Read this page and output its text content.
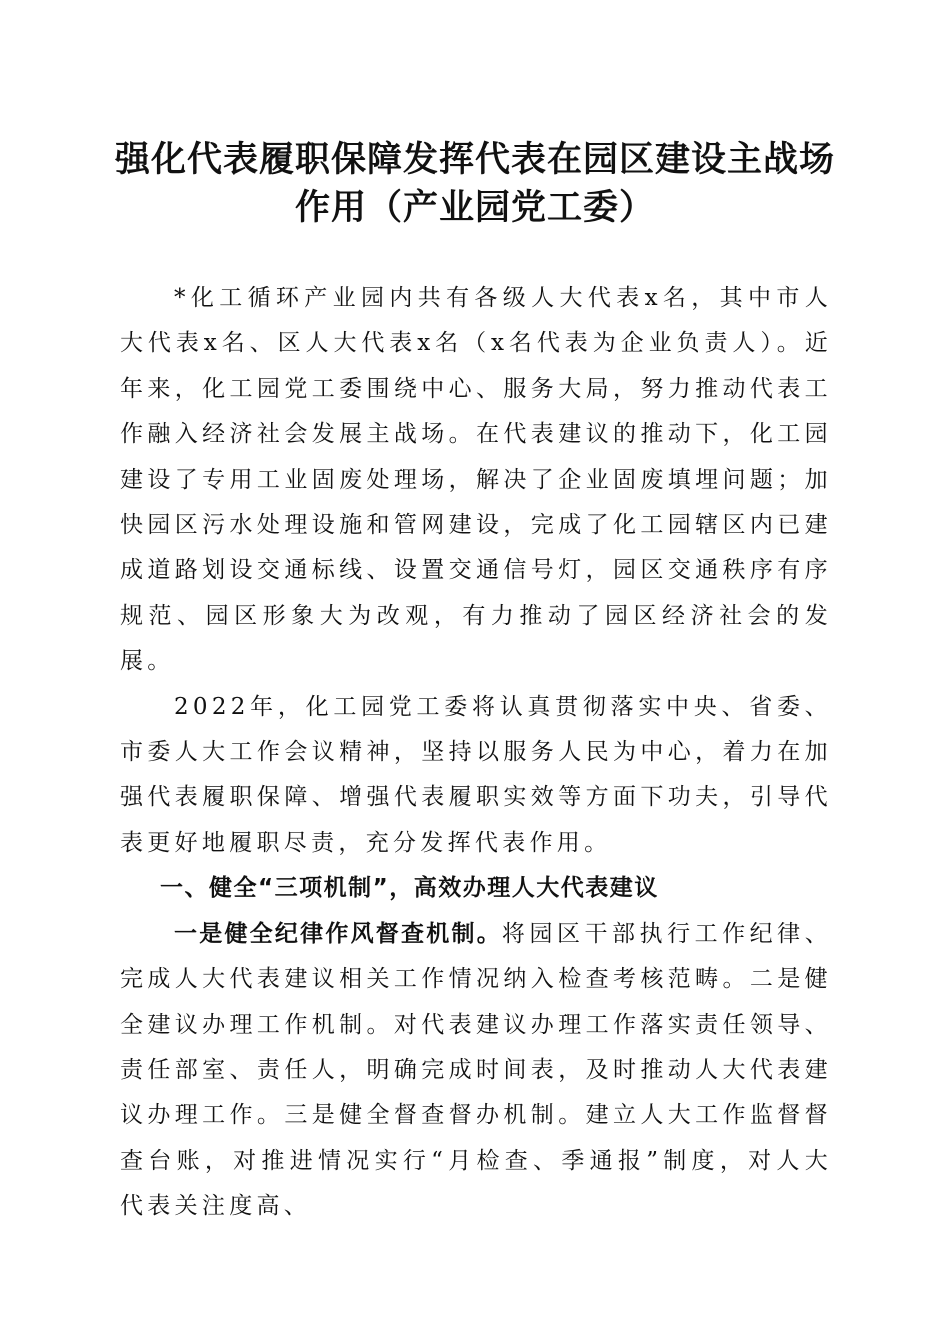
强化代表履职保障发挥代表在园区建设主战场
作用（产业园党工委）

*化工循环产业园内共有各级人大代表x名，其中市人大代表x名、区人大代表x名（x名代表为企业负责人）。近年来，化工园党工委围绕中心、服务大局，努力推动代表工作融入经济社会发展主战场。在代表建议的推动下，化工园建设了专用工业固废处理场，解决了企业固废填埋问题；加快园区污水处理设施和管网建设，完成了化工园辖区内已建成道路划设交通标线、设置交通信号灯，园区交通秩序有序规范、园区形象大为改观，有力推动了园区经济社会的发展。

2022年，化工园党工委将认真贯彻落实中央、省委、市委人大工作会议精神，坚持以服务人民为中心，着力在加强代表履职保障、增强代表履职实效等方面下功夫，引导代表更好地履职尽责，充分发挥代表作用。

一、健全“三项机制”，高效办理人大代表建议

一是健全纪律作风督查机制。将园区干部执行工作纪律、完成人大代表建议相关工作情况纳入检查考核范畴。二是健全建议办理工作机制。对代表建议办理工作落实责任领导、责任部室、责任人，明确完成时间表，及时推动人大代表建议办理工作。三是健全督查督办机制。建立人大工作监督督查台账，对推进情况实行“月检查、季通报”制度，对人大代表关注度高、
